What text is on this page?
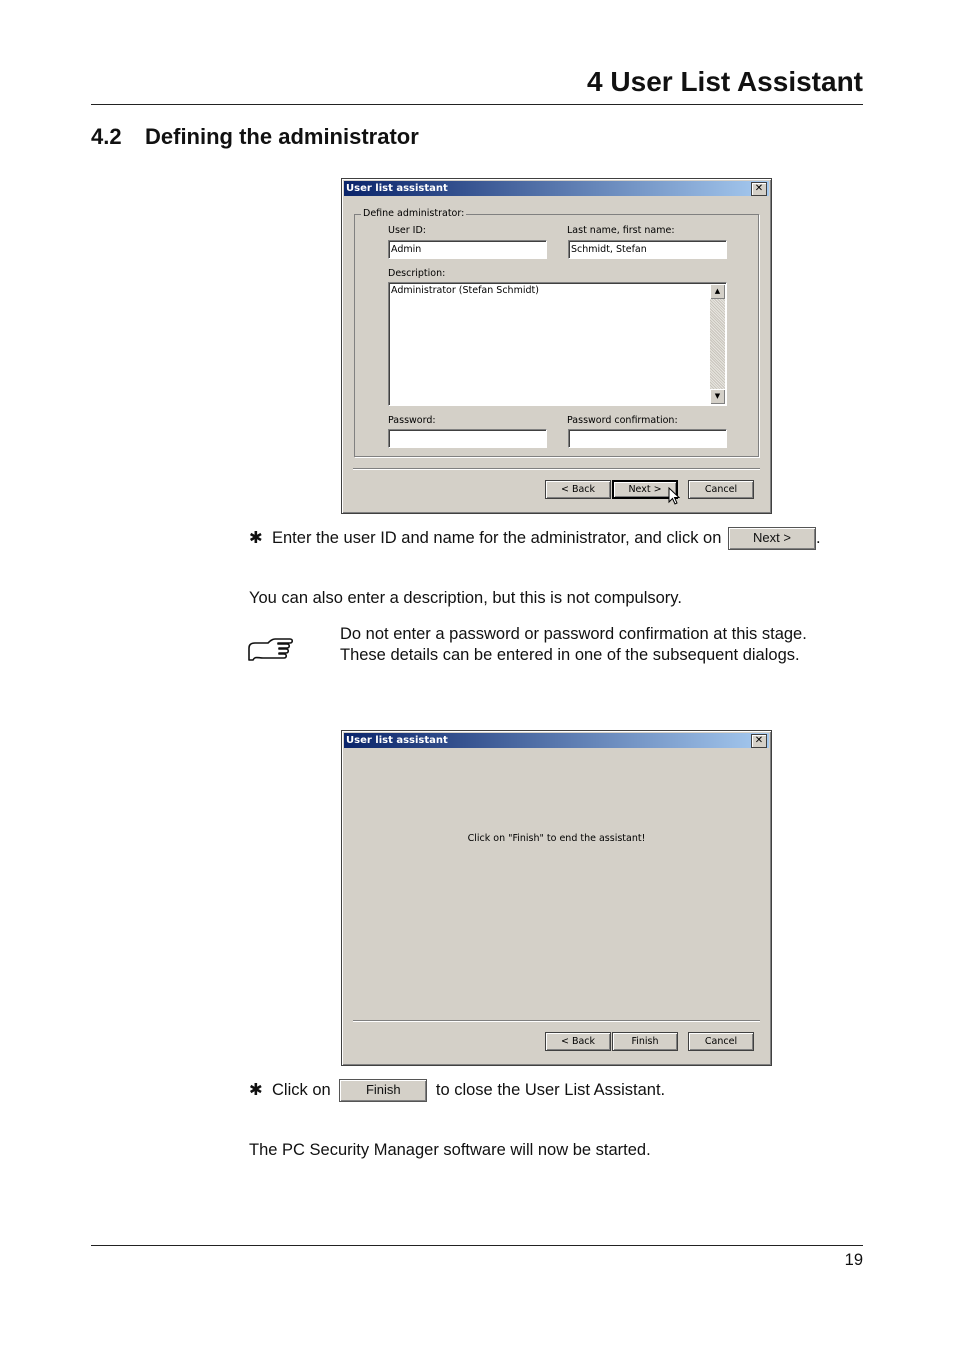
4 User List Assistant
4.2 Defining the administrator
User list assistant	✕
Define administrator:
User ID:
Admin
Last name, first name:
Schmidt, Stefan
Description:
Administrator (Stefan Schmidt)	▲
▼
Password:	Password confirmation:
< Back	Next >	Cancel
✱ Enter the user ID and name for the administrator, and click on Next > .
You can also enter a description, but this is not compulsory.
Do not enter a password or password confirmation at this stage.
These details can be entered in one of the subsequent dialogs.
User list assistant	✕
Click on "Finish" to end the assistant!
< Back	Finish	Cancel
✱ Click on	Finish to close the User List Assistant.
The PC Security Manager software will now be started.
19
